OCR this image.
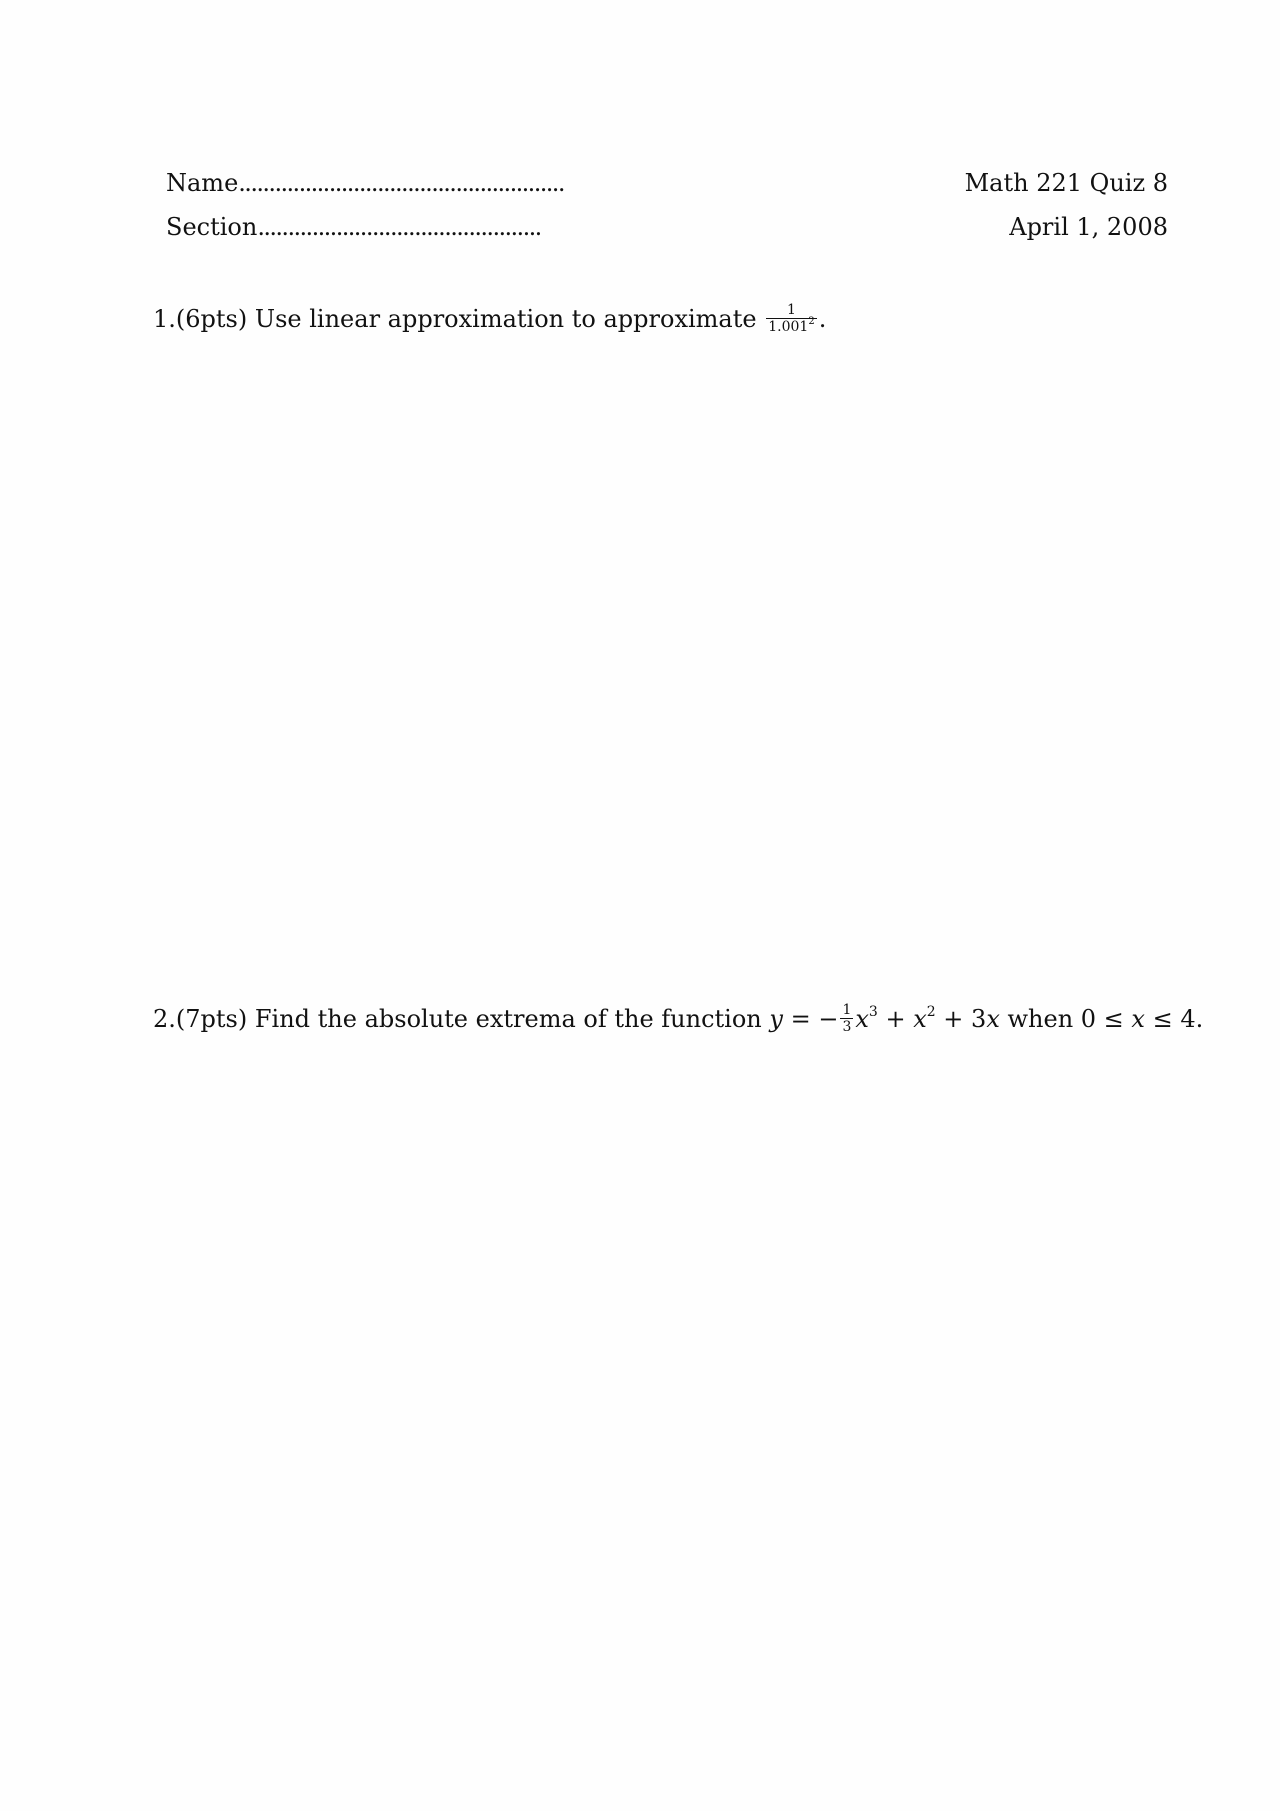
Name......................................................
Section...............................................
Math 221 Quiz 8
April 1, 2008
1.(6pts) Use linear approximation to approximate $\frac{1}{1.001^2}$ .
2.(7pts) Find the absolute extrema of the function y = − $\frac{1}{3} x^3 + x^2 + 3x$ when 0 ≤ x ≤ 4.
